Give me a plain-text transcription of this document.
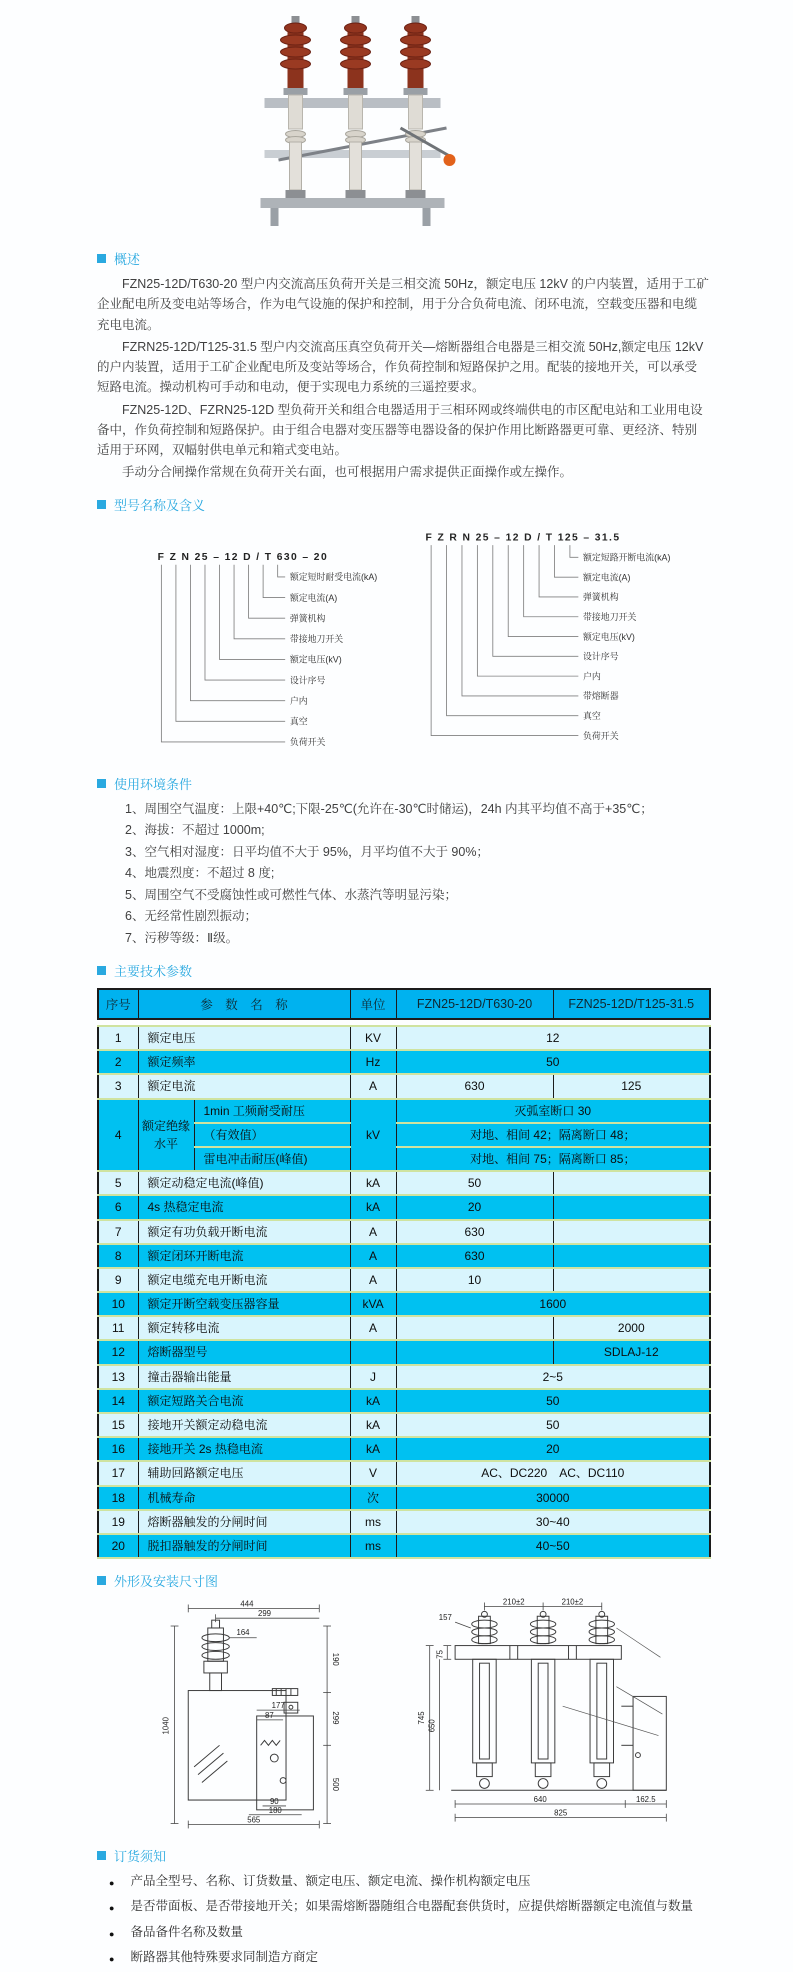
概述

FZN25-12D/T630-20 型户内交流高压负荷开关是三相交流 50Hz，额定电压 12kV 的户内装置，适用于工矿企业配电所及变电站等场合，作为电气设施的保护和控制，用于分合负荷电流、闭环电流，空载变压器和电缆充电电流。

FZRN25-12D/T125-31.5 型户内交流高压真空负荷开关—熔断器组合电器是三相交流 50Hz,额定电压 12kV 的户内装置，适用于工矿企业配电所及变站等场合，作负荷控制和短路保护之用。配装的接地开关，可以承受短路电流。操动机构可手动和电动，便于实现电力系统的三遥控要求。

FZN25-12D、FZRN25-12D 型负荷开关和组合电器适用于三相环网或终端供电的市区配电站和工业用电设备中，作负荷控制和短路保护。由于组合电器对变压器等电器设备的保护作用比断路器更可靠、更经济、特别适用于环网，双幅射供电单元和箱式变电站。

手动分合闸操作常规在负荷开关右面，也可根据用户需求提供正面操作或左操作。

型号名称及含义
F Z N 25 – 12 D / T 630 – 20
额定短时耐受电流(kA)
额定电流(A)
弹簧机构
带接地刀开关
额定电压(kV)
设计序号
户内
真空
负荷开关
F Z R N 25 – 12 D / T 125 – 31.5
额定短路开断电流(kA)
额定电流(A)
弹簧机构
带接地刀开关
额定电压(kV)
设计序号
户内
带熔断器
真空
负荷开关
使用环境条件
1、周围空气温度：上限+40℃;下限-25℃(允许在-30℃时储运)，24h 内其平均值不高于+35℃；
2、海拔：不超过 1000m;
3、空气相对湿度：日平均值不大于 95%，月平均值不大于 90%；
4、地震烈度：不超过 8 度;
5、周围空气不受腐蚀性或可燃性气体、水蒸汽等明显污染；
6、无经常性剧烈振动；
7、污秽等级：Ⅱ级。
主要技术参数
序号	参　数　名　称	单位	FZN25-12D/T630-20	FZN25-12D/T125-31.5
1	额定电压		KV	12	
2	额定频率		Hz	50	
3	额定电流		A	630	125
4	额定绝缘水平	1min 工频耐受耐压	kV	灭弧室断口 30	
		（有效值）		对地、相间 42；隔离断口 48；	
		雷电冲击耐压(峰值)		对地、相间 75；隔离断口 85；	
5	额定动稳定电流(峰值)		kA	50	
6	4s 热稳定电流		kA	20	
7	额定有功负载开断电流		A	630	
8	额定闭环开断电流		A	630	
9	额定电缆充电开断电流		A	10	
10	额定开断空载变压器容量		kVA	1600	
11	额定转移电流		A		2000
12	熔断器型号				SDLAJ-12
13	撞击器输出能量		J	2~5	
14	额定短路关合电流		kA	50	
15	接地开关额定动稳电流		kA	50	
16	接地开关 2s 热稳电流		kA	20	
17	辅助回路额定电压		V	AC、DC220　AC、DC110	
18	机械寿命		次	30000	
19	熔断器触发的分闸时间		ms	30~40	
20	脱扣器触发的分闸时间		ms	40~50	
外形及安装尺寸图
444
299
164
190
299
500
1040
177
87
90
180
565
210±2	210±2
157
75
745
650
640	162.5
825
订货须知
● 产品全型号、名称、订货数量、额定电压、额定电流、操作机构额定电压
● 是否带面板、是否带接地开关；如果需熔断器随组合电器配套供货时，应提供熔断器额定电流值与数量
● 备品备件名称及数量
● 断路器其他特殊要求同制造方商定
